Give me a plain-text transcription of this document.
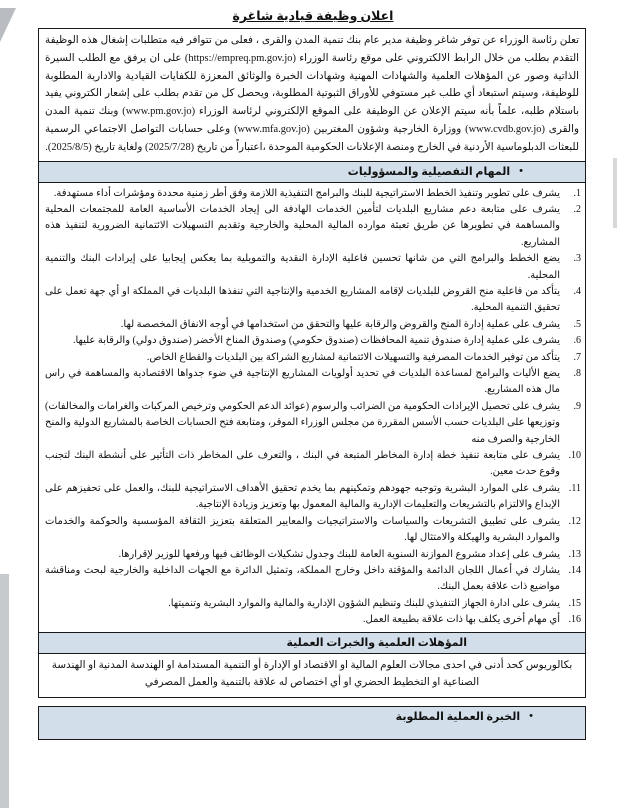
اعلان وظيفة قيادية شاغرة
تعلن رئاسة الوزراء عن توفر شاغر وظيفة مدير عام بنك تنمية المدن والقرى ، فعلى من تتوافر فيه متطلبات إشغال هذه الوظيفة التقدم بطلب من خلال الرابط الالكتروني على موقع رئاسة الوزراء (https://empreq.pm.gov.jo) على ان يرفق مع الطلب السيرة الذاتية وصور عن المؤهلات العلمية والشهادات المهنية وشهادات الخبرة والوثائق المعززة للكفايات القيادية والادارية المطلوبة للوظيفة، وسيتم استبعاد أي طلب غير مستوفي للأوراق الثبوتية المطلوبة، ويحصل كل من تقدم بطلب على إشعار الكتروني يفيد باستلام طلبه، علماً بأنه سيتم الإعلان عن الوظيفة على الموقع الإلكتروني لرئاسة الوزراء (www.pm.gov.jo) وبنك تنمية المدن والقرى (www.cvdb.gov.jo) ووزارة الخارجية وشؤون المغتربين (www.mfa.gov.jo) وعلى حسابات التواصل الاجتماعي الرسمية للبعثات الدبلوماسية الأردنية في الخارج ومنصة الإعلانات الحكومية الموحدة ،اعتباراً من تاريخ (2025/7/28) ولغاية تاريخ (2025/8/5).
•المهام التفصيلية والمسؤوليات
1.
يشرف على تطوير وتنفيذ الخطط الاستراتيجية للبنك والبرامج التنفيذية اللازمة وفق أطر زمنية محددة ومؤشرات أداء مستهدفة.
2.
يشرف على متابعة دعم مشاريع البلديات لتأمين الخدمات الهادفة الى إيجاد الخدمات الأساسية العامة للمجتمعات المحلية والمساهمة في تطويرها عن طريق تعبئة موارده المالية المحلية والخارجية وتقديم التسهيلات الائتمانية الضرورية لتنفيذ هذه المشاريع.
3.
يضع الخطط والبرامج التي من شانها تحسين فاعلية الإدارة النقدية والتمويلية بما يعكس إيجابيا على إيرادات البنك والتنمية المحلية.
4.
يتأكد من فاعلية منح القروض للبلديات لإقامه المشاريع الخدمية والإنتاجية التي تنفذها البلديات في المملكة او أي جهة تعمل على تحقيق التنمية المحلية.
5.
يشرف على عملية إدارة المنح والقروض والرقابة عليها والتحقق من استخدامها في أوجه الانفاق المخصصة لها.
6.
يشرف على عملية إدارة صندوق تنمية المحافظات (صندوق حكومي) وصندوق المناخ الأخضر (صندوق دولي) والرقابة عليها.
7.
يتأكد من توفير الخدمات المصرفية والتسهيلات الائتمانية لمشاريع الشراكة بين البلديات والقطاع الخاص.
8.
يضع الأليات والبرامج لمساعدة البلديات في تحديد أولويات المشاريع الإنتاجية في ضوء جدواها الاقتصادية والمساهمة في راس مال هذه المشاريع.
9.
يشرف على تحصيل الإيرادات الحكومية من الضرائب والرسوم (عوائد الدعم الحكومي وترخيص المركبات والغرامات والمخالفات) وتوزيعها على البلديات حسب الأسس المقررة من مجلس الوزراء الموقر، ومتابعة فتح الحسابات الخاصة بالمشاريع الدولية والمنح الخارجية والصرف منه
10.
يشرف على متابعة تنفيذ خطة إدارة المخاطر المتبعة في البنك ، والتعرف على المخاطر ذات التأثير على أنشطة البنك لتجنب وقوع حدث معين.
11.
يشرف على الموارد البشرية وتوجيه جهودهم وتمكينهم بما يخدم تحقيق الأهداف الاستراتيجية للبنك، والعمل على تحفيزهم على الإبداع والالتزام بالتشريعات والتعليمات الإدارية والمالية المعمول بها وتعزيز وزيادة الإنتاجية.
12.
يشرف على تطبيق التشريعات والسياسات والاستراتيجيات والمعايير المتعلقة بتعزيز الثقافة المؤسسية والحوكمة والخدمات والموارد البشرية والهيكلة والامتثال لها.
13.
يشرف على إعداد مشروع الموازنة السنوية العامة للبنك وجدول تشكيلات الوظائف فيها ورفعها للوزير لإقرارها.
14.
يشارك في أعمال اللجان الدائمة والمؤقتة داخل وخارج المملكة، وتمثيل الدائرة مع الجهات الداخلية والخارجية لبحث ومناقشة مواضيع ذات علاقة بعمل البنك.
15.
يشرف على ادارة الجهاز التنفيذي للبنك وتنظيم الشؤون الإدارية والمالية والموارد البشرية وتنميتها.
16.
أي مهام أخرى يكلف بها ذات علاقة بطبيعة العمل.
المؤهلات العلمية والخبرات العملية
بكالوريوس كحد أدنى في احدى مجالات العلوم المالية او الاقتصاد او الإدارة أو التنمية المستدامة او الهندسة المدنية او الهندسة الصناعية او التخطيط الحضري او أي اختصاص له علاقة بالتنمية والعمل المصرفي
•الخبرة العملية المطلوبة
